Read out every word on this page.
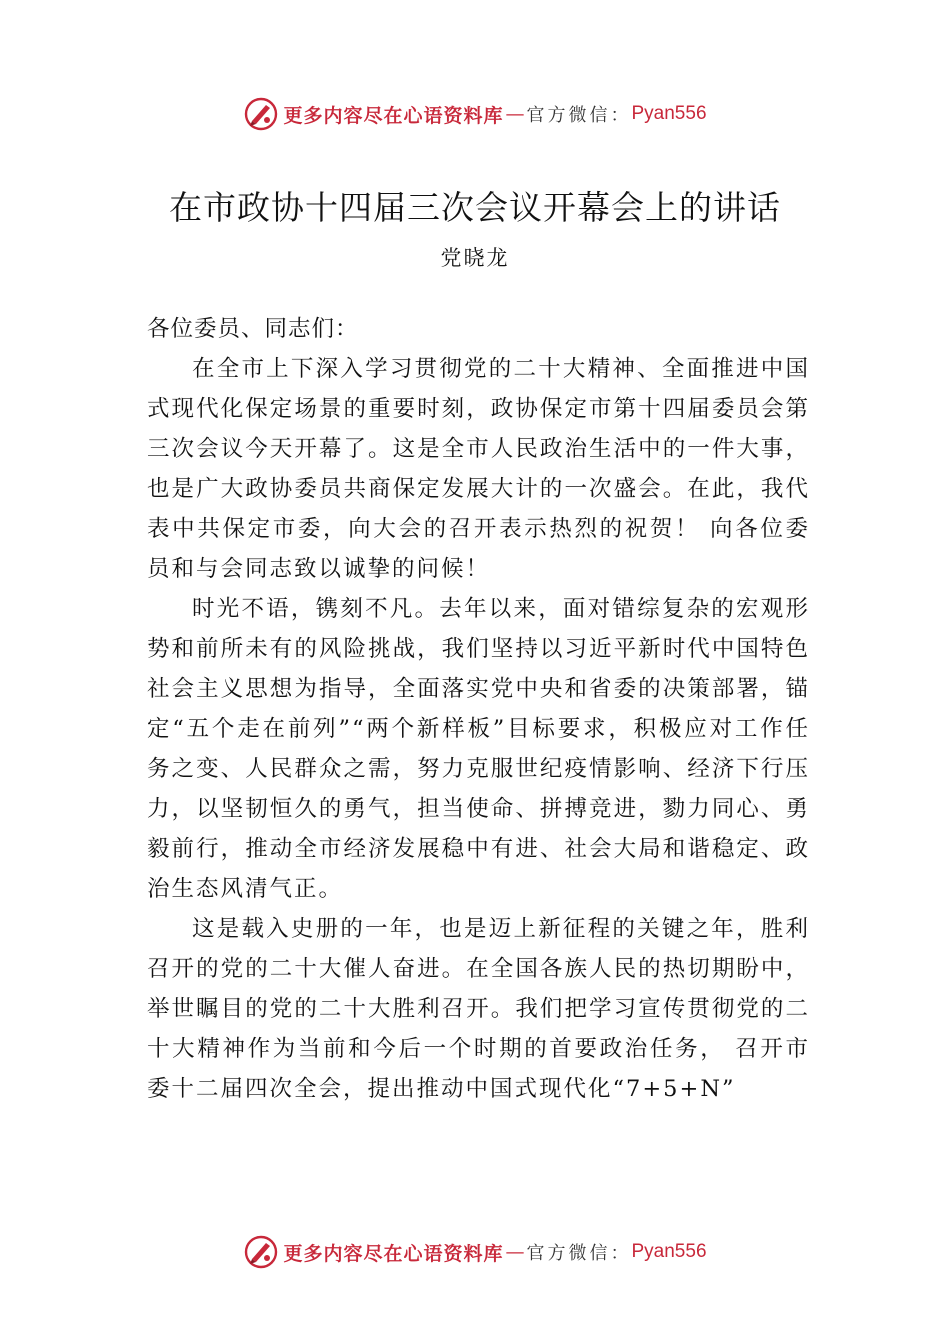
更多内容尽在心语资料库 — 官方微信： Pyan556
在市政协十四届三次会议开幕会上的讲话
党晓龙

各位委员、同志们：

在全市上下深入学习贯彻党的二十大精神、全面推进中国式现代化保定场景的重要时刻，政协保定市第十四届委员会第三次会议今天开幕了。这是全市人民政治生活中的一件大事，也是广大政协委员共商保定发展大计的一次盛会。在此，我代表中共保定市委，向大会的召开表示热烈的祝贺！ 向各位委员和与会同志致以诚挚的问候！

时光不语，镌刻不凡。去年以来，面对错综复杂的宏观形势和前所未有的风险挑战，我们坚持以习近平新时代中国特色社会主义思想为指导，全面落实党中央和省委的决策部署，锚定“五个走在前列”“两个新样板”目标要求，积极应对工作任务之变、人民群众之需，努力克服世纪疫情影响、经济下行压力，以坚韧恒久的勇气，担当使命、拼搏竞进，勠力同心、勇毅前行，推动全市经济发展稳中有进、社会大局和谐稳定、政治生态风清气正。

这是载入史册的一年，也是迈上新征程的关键之年，胜利召开的党的二十大催人奋进。在全国各族人民的热切期盼中，举世瞩目的党的二十大胜利召开。我们把学习宣传贯彻党的二十大精神作为当前和今后一个时期的首要政治任务， 召开市委十二届四次全会，提出推动中国式现代化“7+5+N”

更多内容尽在心语资料库 — 官方微信： Pyan556
